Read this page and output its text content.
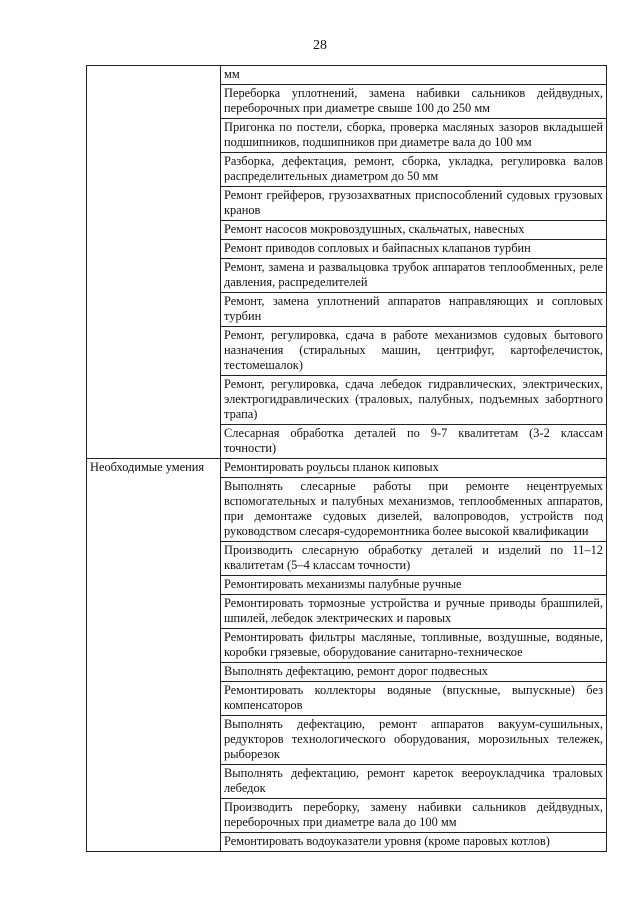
28
	мм
	Переборка уплотнений, замена набивки сальников дейдвудных, переборочных при диаметре свыше 100 до 250 мм
	Пригонка по постели, сборка, проверка масляных зазоров вкладышей подшипников, подшипников при диаметре вала до 100 мм
	Разборка, дефектация, ремонт, сборка, укладка, регулировка валов распределительных диаметром до 50 мм
	Ремонт грейферов, грузозахватных приспособлений судовых грузовых кранов
	Ремонт насосов мокровоздушных, скальчатых, навесных
	Ремонт приводов сопловых и байпасных клапанов турбин
	Ремонт, замена и развальцовка трубок аппаратов теплообменных, реле давления, распределителей
	Ремонт, замена уплотнений аппаратов направляющих и сопловых турбин
	Ремонт, регулировка, сдача в работе механизмов судовых бытового назначения (стиральных машин, центрифуг, картофелечисток, тестомешалок)
	Ремонт, регулировка, сдача лебедок гидравлических, электрических, электрогидравлических (траловых, палубных, подъемных забортного трапа)
	Слесарная обработка деталей по 9-7 квалитетам (3-2 классам точности)
Необходимые умения	Ремонтировать роульсы планок киповых
	Выполнять слесарные работы при ремонте нецентруемых вспомогательных и палубных механизмов, теплообменных аппаратов, при демонтаже судовых дизелей, валопроводов, устройств под руководством слесаря-судоремонтника более высокой квалификации
	Производить слесарную обработку деталей и изделий по 11–12 квалитетам (5–4 классам точности)
	Ремонтировать механизмы палубные ручные
	Ремонтировать тормозные устройства и ручные приводы брашпилей, шпилей, лебедок электрических и паровых
	Ремонтировать фильтры масляные, топливные, воздушные, водяные, коробки грязевые, оборудование санитарно-техническое
	Выполнять дефектацию, ремонт дорог подвесных
	Ремонтировать коллекторы водяные (впускные, выпускные) без компенсаторов
	Выполнять дефектацию, ремонт аппаратов вакуум-сушильных, редукторов технологического оборудования, морозильных тележек, рыборезок
	Выполнять дефектацию, ремонт кареток веероукладчика траловых лебедок
	Производить переборку, замену набивки сальников дейдвудных, переборочных при диаметре вала до 100 мм
	Ремонтировать водоуказатели уровня (кроме паровых котлов)
